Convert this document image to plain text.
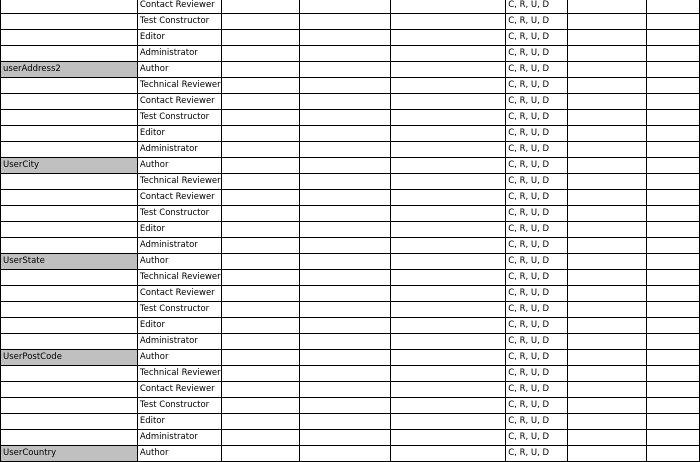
	Contact Reviewer				C, R, U, D		
	Test Constructor				C, R, U, D		
	Editor				C, R, U, D		
	Administrator				C, R, U, D		
userAddress2	Author				C, R, U, D		
	Technical Reviewer				C, R, U, D		
	Contact Reviewer				C, R, U, D		
	Test Constructor				C, R, U, D		
	Editor				C, R, U, D		
	Administrator				C, R, U, D		
UserCity	Author				C, R, U, D		
	Technical Reviewer				C, R, U, D		
	Contact Reviewer				C, R, U, D		
	Test Constructor				C, R, U, D		
	Editor				C, R, U, D		
	Administrator				C, R, U, D		
UserState	Author				C, R, U, D		
	Technical Reviewer				C, R, U, D		
	Contact Reviewer				C, R, U, D		
	Test Constructor				C, R, U, D		
	Editor				C, R, U, D		
	Administrator				C, R, U, D		
UserPostCode	Author				C, R, U, D		
	Technical Reviewer				C, R, U, D		
	Contact Reviewer				C, R, U, D		
	Test Constructor				C, R, U, D		
	Editor				C, R, U, D		
	Administrator				C, R, U, D		
UserCountry	Author				C, R, U, D		
